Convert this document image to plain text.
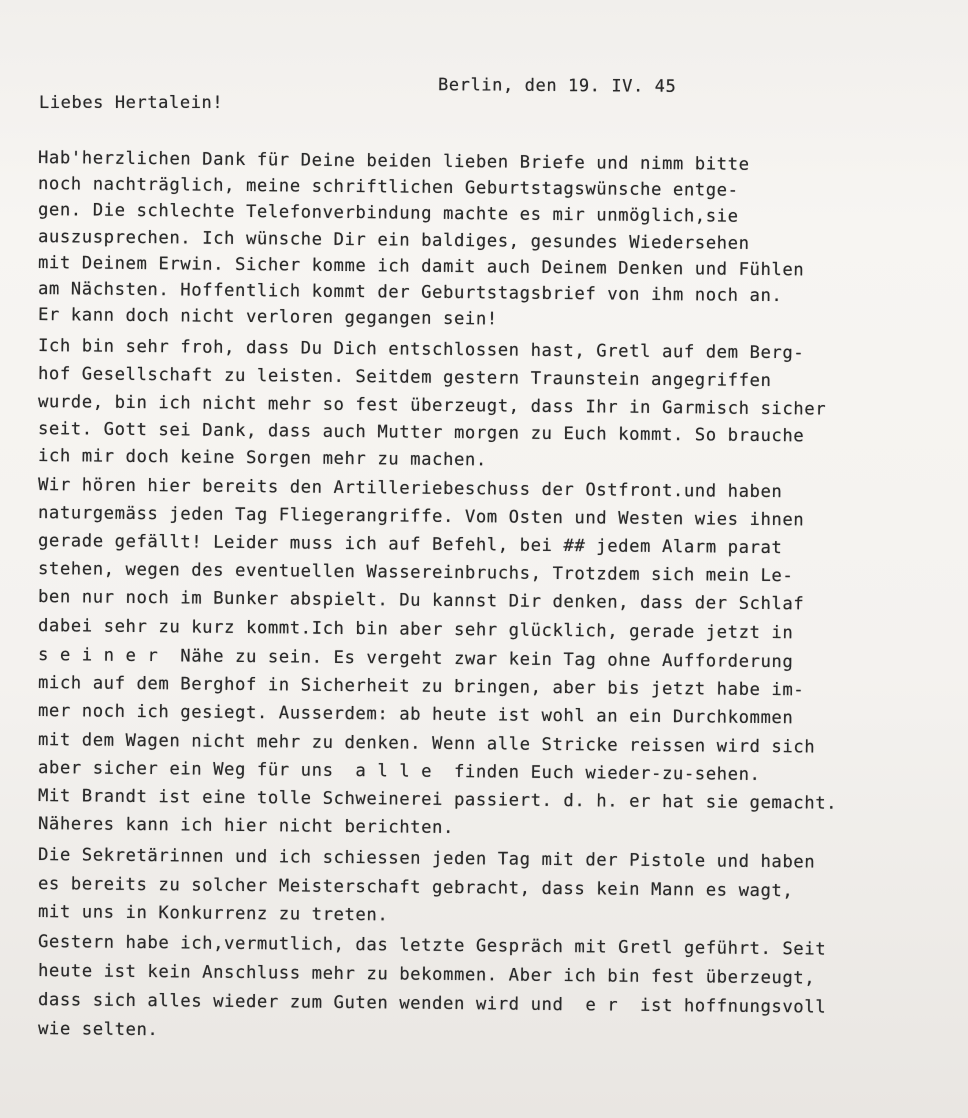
Berlin, den 19. IV. 45
Liebes Hertalein!
Hab'herzlichen Dank für Deine beiden lieben Briefe und nimm bitte
noch nachträglich, meine schriftlichen Geburtstagswünsche entge-
gen. Die schlechte Telefonverbindung machte es mir unmöglich,sie
auszusprechen. Ich wünsche Dir ein baldiges, gesundes Wiedersehen
mit Deinem Erwin. Sicher komme ich damit auch Deinem Denken und Fühlen
am Nächsten. Hoffentlich kommt der Geburtstagsbrief von ihm noch an.
Er kann doch nicht verloren gegangen sein!
Ich bin sehr froh, dass Du Dich entschlossen hast, Gretl auf dem Berg-
hof Gesellschaft zu leisten. Seitdem gestern Traunstein angegriffen
wurde, bin ich nicht mehr so fest überzeugt, dass Ihr in Garmisch sicher
seit. Gott sei Dank, dass auch Mutter morgen zu Euch kommt. So brauche
ich mir doch keine Sorgen mehr zu machen.
Wir hören hier bereits den Artilleriebeschuss der Ostfront.und haben
naturgemäss jeden Tag Fliegerangriffe. Vom Osten und Westen wies ihnen
gerade gefällt! Leider muss ich auf Befehl, bei ## jedem Alarm parat
stehen, wegen des eventuellen Wassereinbruchs, Trotzdem sich mein Le-
ben nur noch im Bunker abspielt. Du kannst Dir denken, dass der Schlaf
dabei sehr zu kurz kommt.Ich bin aber sehr glücklich, gerade jetzt in
s e i n e r  Nähe zu sein. Es vergeht zwar kein Tag ohne Aufforderung
mich auf dem Berghof in Sicherheit zu bringen, aber bis jetzt habe im-
mer noch ich gesiegt. Ausserdem: ab heute ist wohl an ein Durchkommen
mit dem Wagen nicht mehr zu denken. Wenn alle Stricke reissen wird sich
aber sicher ein Weg für uns  a l l e  finden Euch wieder-zu-sehen.
Mit Brandt ist eine tolle Schweinerei passiert. d. h. er hat sie gemacht.
Näheres kann ich hier nicht berichten.
Die Sekretärinnen und ich schiessen jeden Tag mit der Pistole und haben
es bereits zu solcher Meisterschaft gebracht, dass kein Mann es wagt,
mit uns in Konkurrenz zu treten.
Gestern habe ich,vermutlich, das letzte Gespräch mit Gretl geführt. Seit
heute ist kein Anschluss mehr zu bekommen. Aber ich bin fest überzeugt,
dass sich alles wieder zum Guten wenden wird und  e r  ist hoffnungsvoll
wie selten.
